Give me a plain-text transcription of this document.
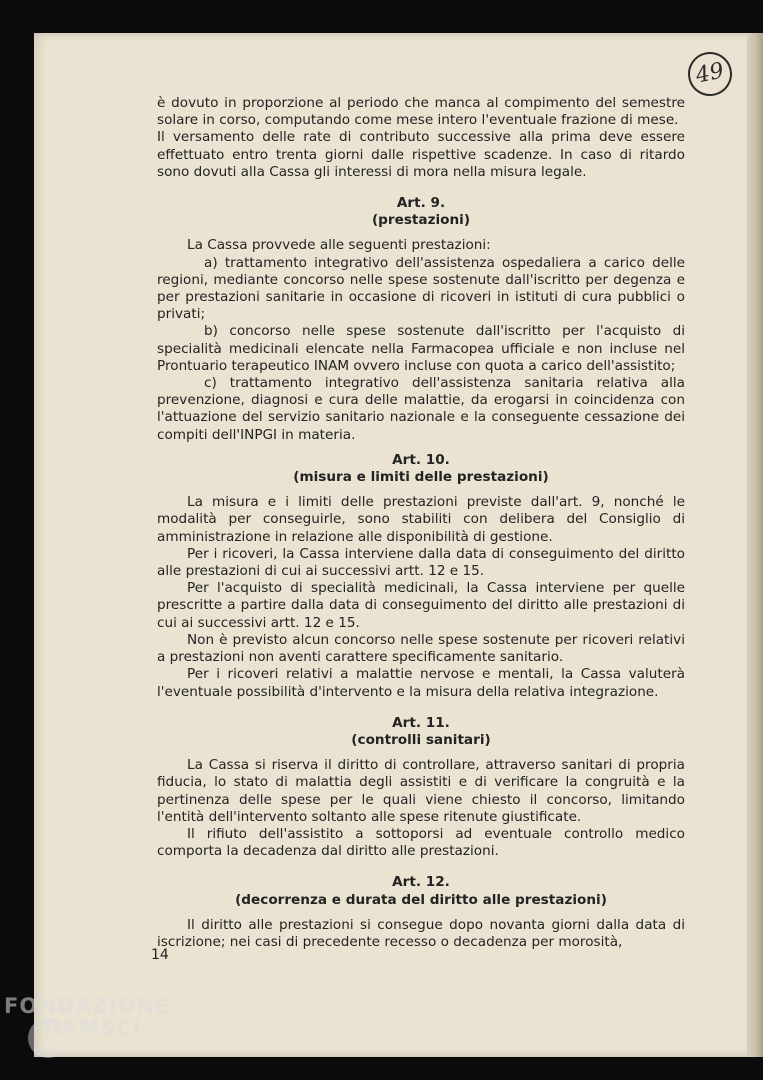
49

è dovuto in proporzione al periodo che manca al compimento del semestre solare in corso, computando come mese intero l'eventuale frazione di mese.

Il versamento delle rate di contributo successive alla prima deve essere effettuato entro trenta giorni dalle rispettive scadenze. In caso di ritardo sono dovuti alla Cassa gli interessi di mora nella misura legale.

Art. 9.

(prestazioni)

La Cassa provvede alle seguenti prestazioni:

a) trattamento integrativo dell'assistenza ospedaliera a carico delle regioni, mediante concorso nelle spese sostenute dall'iscritto per degenza e per prestazioni sanitarie in occasione di ricoveri in istituti di cura pubblici o privati;

b) concorso nelle spese sostenute dall'iscritto per l'acquisto di specialità medicinali elencate nella Farmacopea ufficiale e non incluse nel Prontuario terapeutico INAM ovvero incluse con quota a carico dell'assistito;

c) trattamento integrativo dell'assistenza sanitaria relativa alla prevenzione, diagnosi e cura delle malattie, da erogarsi in coincidenza con l'attuazione del servizio sanitario nazionale e la conseguente cessazione dei compiti dell'INPGI in materia.

Art. 10.

(misura e limiti delle prestazioni)

La misura e i limiti delle prestazioni previste dall'art. 9, nonché le modalità per conseguirle, sono stabiliti con delibera del Consiglio di amministrazione in relazione alle disponibilità di gestione.

Per i ricoveri, la Cassa interviene dalla data di conseguimento del diritto alle prestazioni di cui ai successivi artt. 12 e 15.

Per l'acquisto di specialità medicinali, la Cassa interviene per quelle prescritte a partire dalla data di conseguimento del diritto alle prestazioni di cui ai successivi artt. 12 e 15.

Non è previsto alcun concorso nelle spese sostenute per ricoveri relativi a prestazioni non aventi carattere specificamente sanitario.

Per i ricoveri relativi a malattie nervose e mentali, la Cassa valuterà l'eventuale possibilità d'intervento e la misura della relativa integrazione.

Art. 11.

(controlli sanitari)

La Cassa si riserva il diritto di controllare, attraverso sanitari di propria fiducia, lo stato di malattia degli assistiti e di verificare la congruità e la pertinenza delle spese per le quali viene chiesto il concorso, limitando l'entità dell'intervento soltanto alle spese ritenute giustificate.

Il rifiuto dell'assistito a sottoporsi ad eventuale controllo medico comporta la decadenza dal diritto alle prestazioni.

Art. 12.

(decorrenza e durata del diritto alle prestazioni)

Il diritto alle prestazioni si consegue dopo novanta giorni dalla data di iscrizione; nei casi di precedente recesso o decadenza per morosità,

14
FONDAZIONE
RAMSCI
